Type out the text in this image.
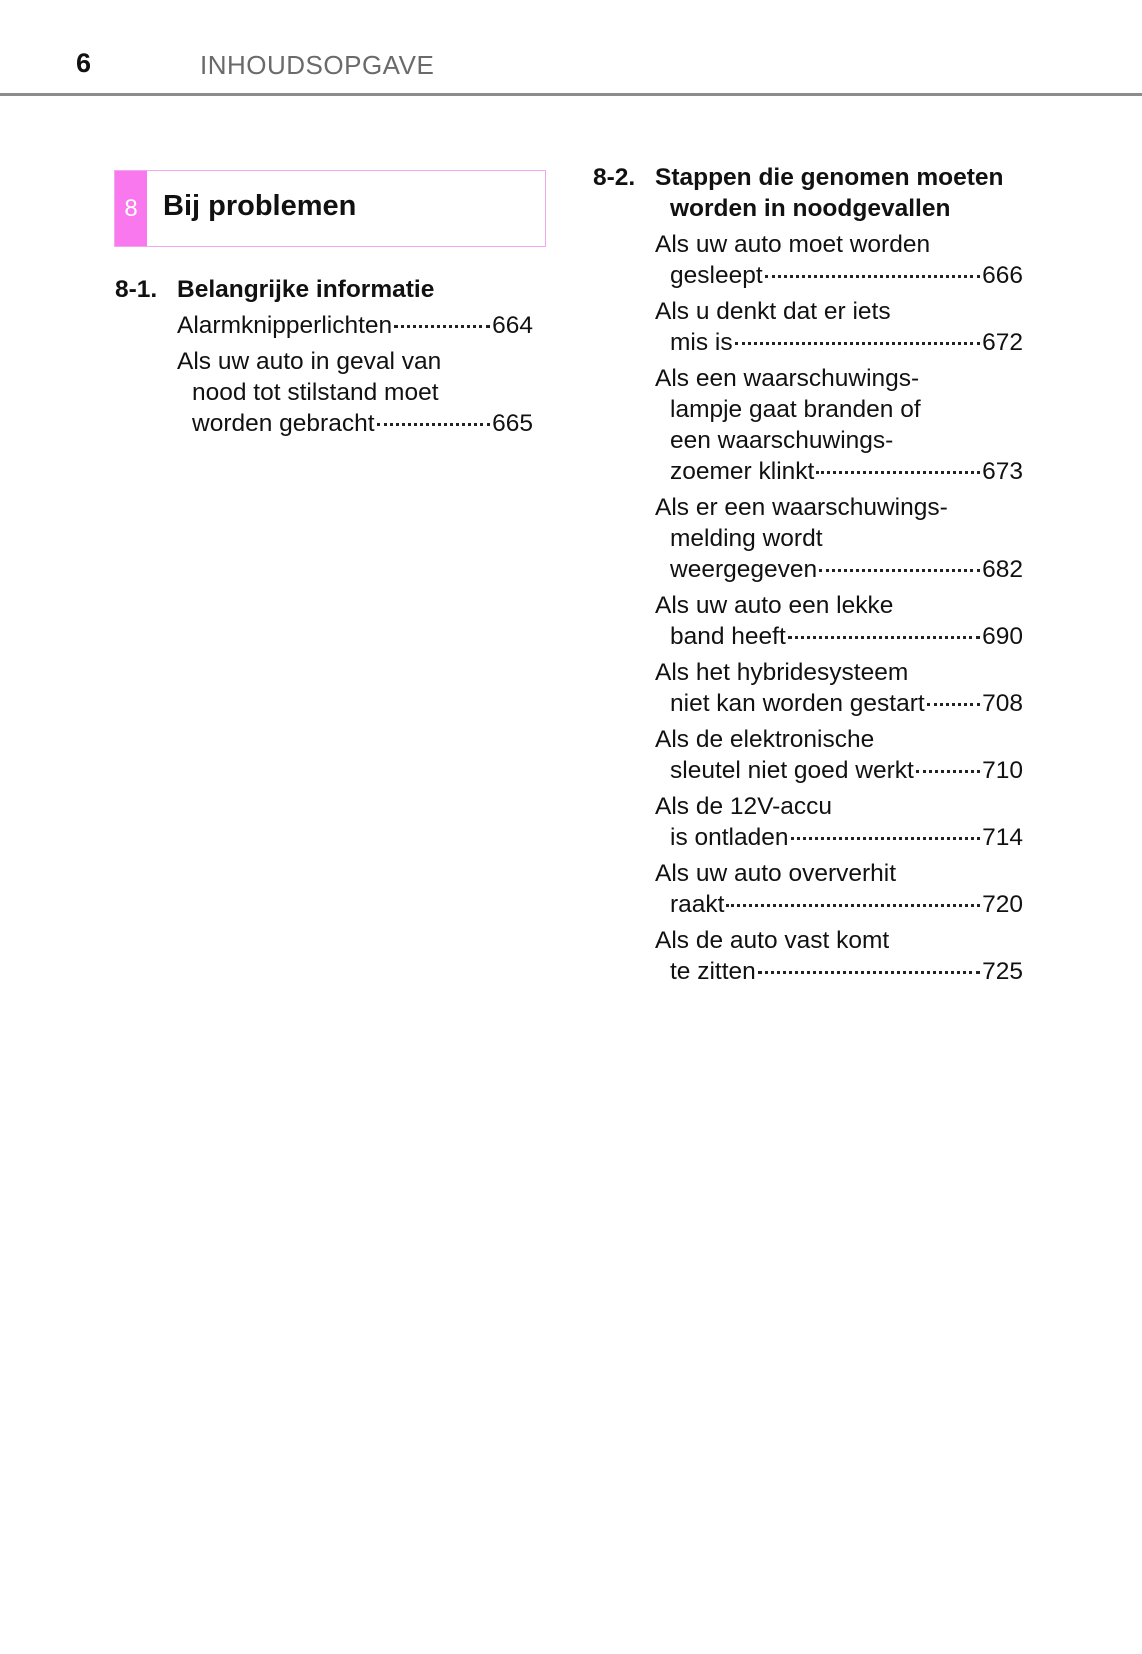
6	INHOUDSOPGAVE
8 Bij problemen
8-1. Belangrijke informatie
Alarmknipperlichten	664
Als uw auto in geval van
nood tot stilstand moet
worden gebracht	665
8-2. Stappen die genomen moeten
worden in noodgevallen
Als uw auto moet worden
gesleept	666
Als u denkt dat er iets
mis is	672
Als een waarschuwings-
lampje gaat branden of
een waarschuwings-
zoemer klinkt	673
Als er een waarschuwings-
melding wordt
weergegeven	682
Als uw auto een lekke
band heeft	690
Als het hybridesysteem
niet kan worden gestart 708
Als de elektronische
sleutel niet goed werkt	710
Als de 12V-accu
is ontladen	714
Als uw auto oververhit
raakt	720
Als de auto vast komt
te zitten	725
